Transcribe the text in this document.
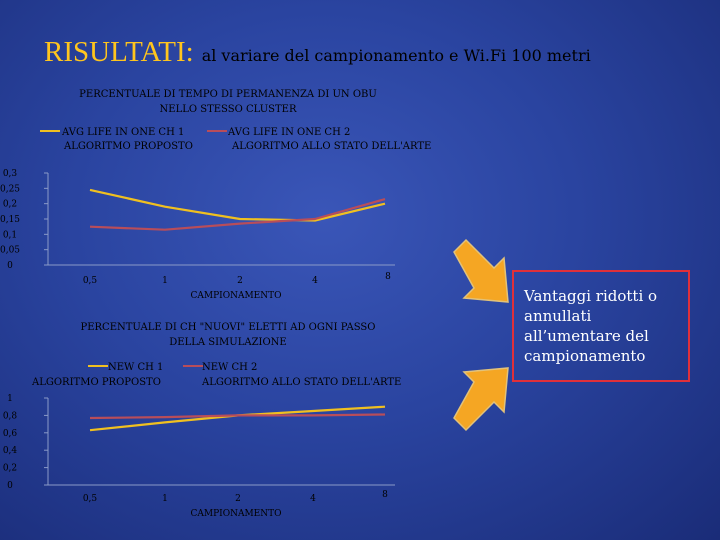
RISULTATI: al variare del campionamento e Wi.Fi 100 metri
PERCENTUALE DI TEMPO DI PERMANENZA DI UN OBU
NELLO STESSO CLUSTER
AVG LIFE IN ONE CH 1
ALGORITMO PROPOSTO
AVG LIFE IN ONE CH 2
ALGORITMO ALLO STATO DELL'ARTE
0
0,05
0,1
0,15
0,2
0,25
0,3
0,5	1	2	4	8
CAMPIONAMENTO
PERCENTUALE DI CH "NUOVI" ELETTI AD OGNI PASSO
DELLA SIMULAZIONE
NEW CH 1
ALGORITMO PROPOSTO
NEW CH 2
ALGORITMO ALLO STATO DELL'ARTE
0
0,2
0,4
0,6
0,8
1
0,5	1	2	4	8
CAMPIONAMENTO
Vantaggi ridotti o annullati all’umentare del campionamento
